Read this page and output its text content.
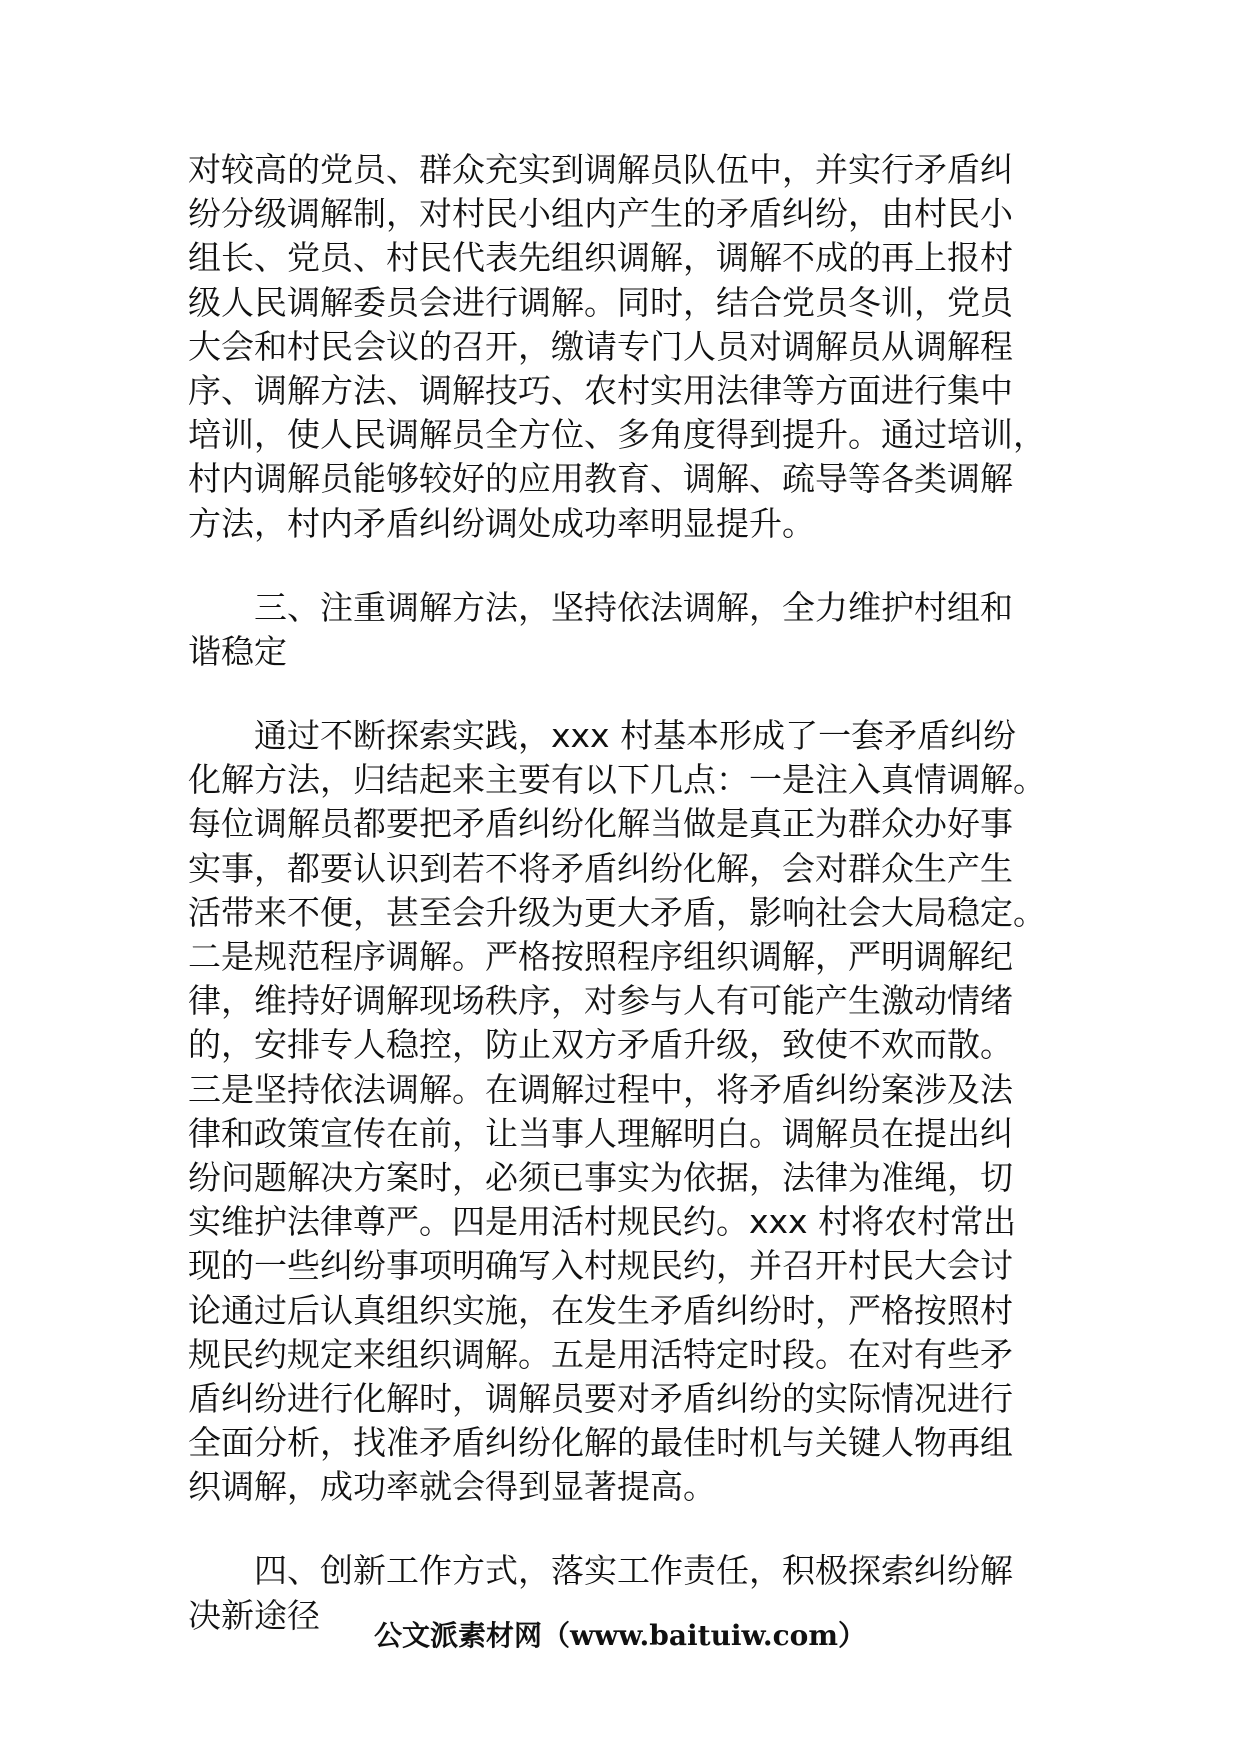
对较高的党员、群众充实到调解员队伍中，并实行矛盾纠
纷分级调解制，对村民小组内产生的矛盾纠纷，由村民小
组长、党员、村民代表先组织调解，调解不成的再上报村
级人民调解委员会进行调解。同时，结合党员冬训，党员
大会和村民会议的召开，缴请专门人员对调解员从调解程
序、调解方法、调解技巧、农村实用法律等方面进行集中
培训，使人民调解员全方位、多角度得到提升。通过培训，
村内调解员能够较好的应用教育、调解、疏导等各类调解
方法，村内矛盾纠纷调处成功率明显提升。
三、注重调解方法，坚持依法调解，全力维护村组和
谐稳定
通过不断探索实践，xxx 村基本形成了一套矛盾纠纷
化解方法，归结起来主要有以下几点：一是注入真情调解。
每位调解员都要把矛盾纠纷化解当做是真正为群众办好事
实事，都要认识到若不将矛盾纠纷化解，会对群众生产生
活带来不便，甚至会升级为更大矛盾，影响社会大局稳定。
二是规范程序调解。严格按照程序组织调解，严明调解纪
律，维持好调解现场秩序，对参与人有可能产生激动情绪
的，安排专人稳控，防止双方矛盾升级，致使不欢而散。
三是坚持依法调解。在调解过程中，将矛盾纠纷案涉及法
律和政策宣传在前，让当事人理解明白。调解员在提出纠
纷问题解决方案时，必须已事实为依据，法律为准绳，切
实维护法律尊严。四是用活村规民约。xxx 村将农村常出
现的一些纠纷事项明确写入村规民约，并召开村民大会讨
论通过后认真组织实施，在发生矛盾纠纷时，严格按照村
规民约规定来组织调解。五是用活特定时段。在对有些矛
盾纠纷进行化解时，调解员要对矛盾纠纷的实际情况进行
全面分析，找准矛盾纠纷化解的最佳时机与关键人物再组
织调解，成功率就会得到显著提高。
四、创新工作方式，落实工作责任，积极探索纠纷解
决新途径
公文派素材网（www.baituiw.com）
